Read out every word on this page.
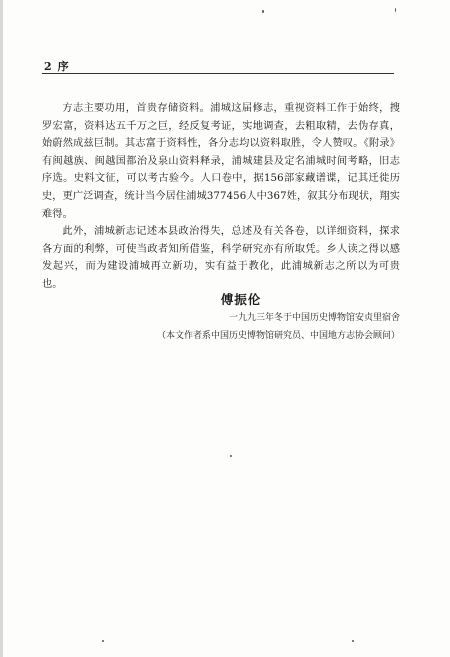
2 序

方志主要功用，首贵存储资料。浦城这届修志，重视资料工作于始终，搜罗宏富，资料达五千万之巨，经反复考证，实地调查，去粗取精，去伪存真，始蔚然成兹巨制。其志富于资料性，各分志均以资料取胜，令人赞叹。《附录》有闽越族、闽越国都治及泉山资料释录，浦城建县及定名浦城时间考略，旧志序选。史料文征，可以考古验今。人口卷中，据156部家藏谱谍，记其迁徙历史，更广泛调查，统计当今居住浦城377456人中367姓，叙其分布现状，翔实难得。

此外，浦城新志记述本县政治得失，总述及有关各卷，以详细资料，探求各方面的利弊，可使当政者知所借鉴，科学研究亦有所取凭。乡人读之得以感发起兴，而为建设浦城再立新功，实有益于教化，此浦城新志之所以为可贵也。

傅振伦
一九九三年冬于中国历史博物馆安贞里宿舍
（本文作者系中国历史博物馆研究员、中国地方志协会顾问）
